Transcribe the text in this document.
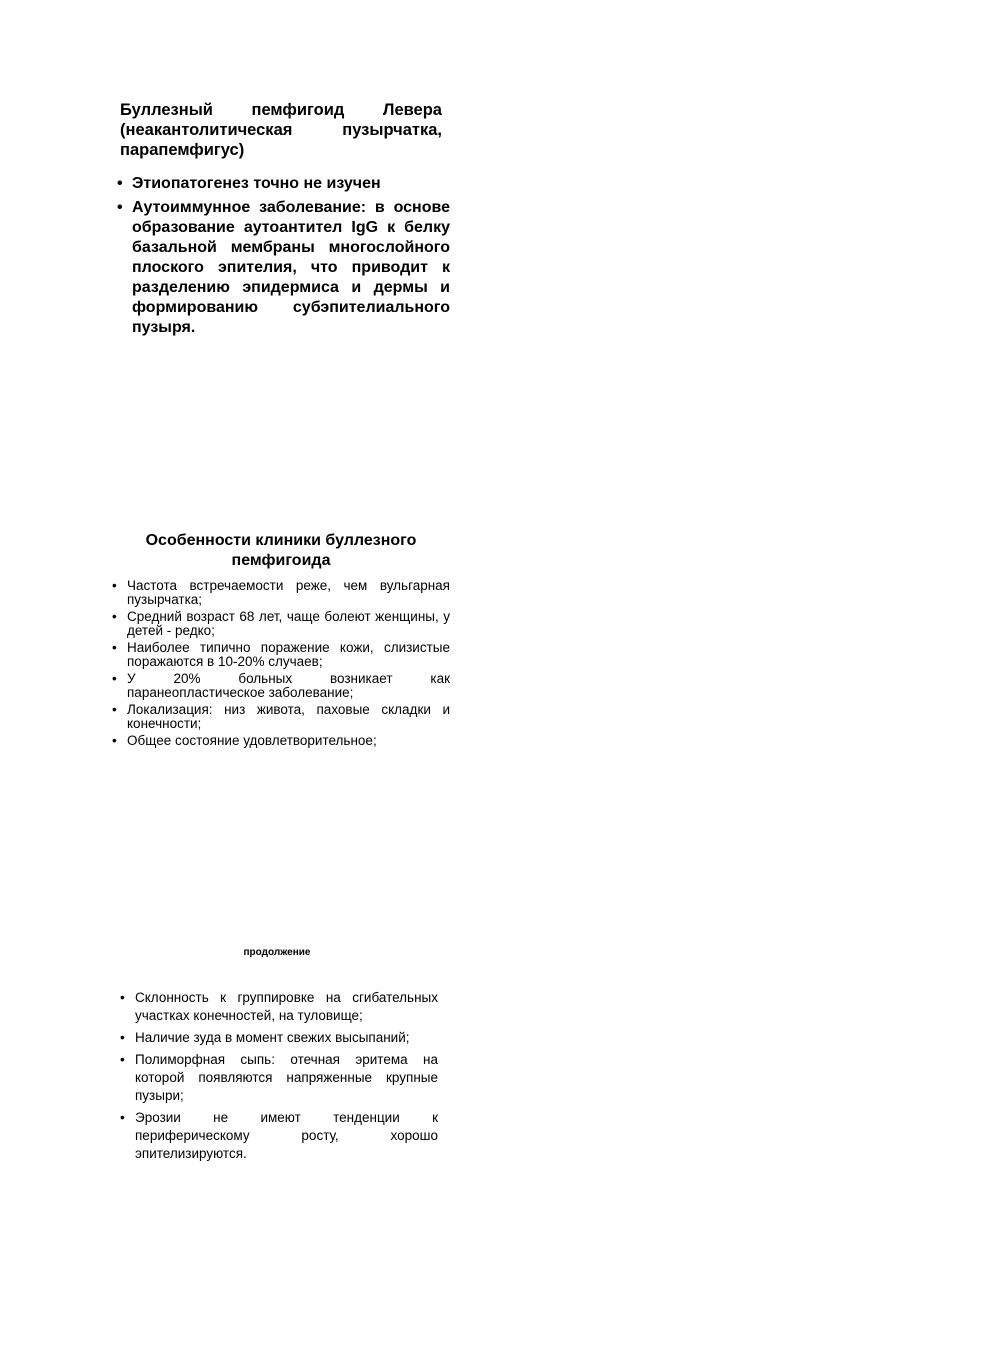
Буллезный пемфигоид Левера (неакантолитическая пузырчатка, парапемфигус)
• Этиопатогенез точно не изучен
• Аутоиммунное заболевание: в основе образование аутоантител IgG к белку базальной мембраны многослойного плоского эпителия, что приводит к разделению эпидермиса и дермы и формированию субэпителиального пузыря.
Особенности клиники буллезного пемфигоида
• Частота встречаемости реже, чем вульгарная пузырчатка;
• Средний возраст 68 лет, чаще болеют женщины, у детей - редко;
• Наиболее типично поражение кожи, слизистые поражаются в 10-20% случаев;
• У 20% больных возникает как паранеопластическое заболевание;
• Локализация: низ живота, паховые складки и конечности;
• Общее состояние удовлетворительное;
продолжение
• Склонность к группировке на сгибательных участках конечностей, на туловище;
• Наличие зуда в момент свежих высыпаний;
• Полиморфная сыпь: отечная эритема на которой появляются напряженные крупные пузыри;
• Эрозии не имеют тенденции к периферическому росту, хорошо эпителизируются.
